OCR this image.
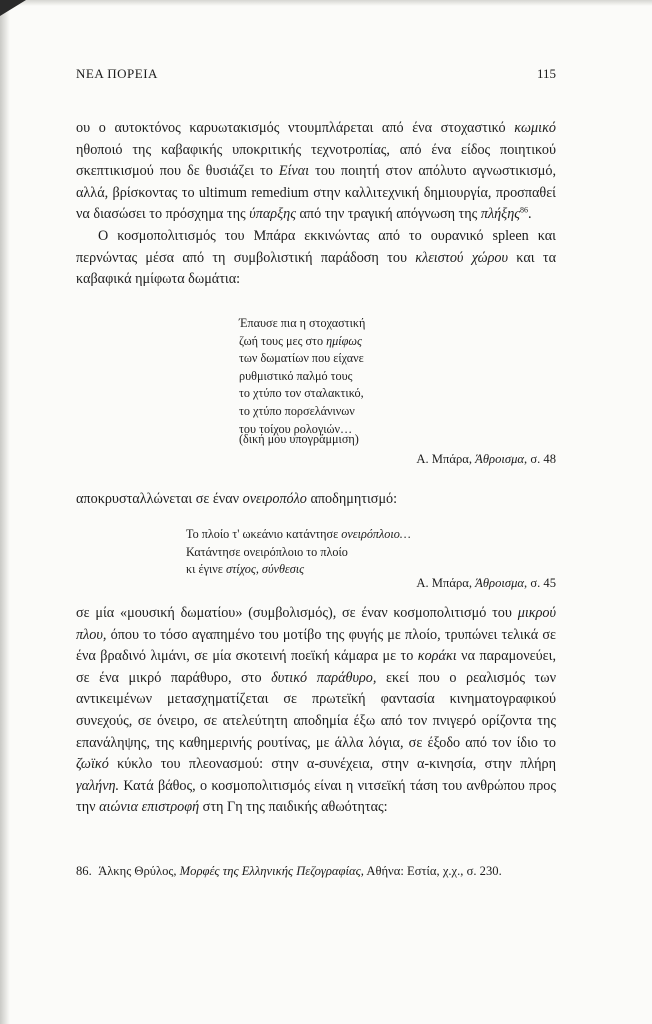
ΝΕΑ ΠΟΡΕΙΑ	115

ου ο αυτοκτόνος καρυωτακισμός ντουμπλάρεται από ένα στοχαστικό κωμικό ηθοποιό της καβαφικής υποκριτικής τεχνοτροπίας, από ένα είδος ποιητικού σκεπτικισμού που δε θυσιάζει το Είναι του ποιητή στον απόλυτο αγνωστικισμό, αλλά, βρίσκοντας το ultimum remedium στην καλλιτεχνική δημιουργία, προσπαθεί να διασώσει το πρόσχημα της ύπαρξης από την τραγική απόγνωση της πλήξης$^{86}$.

Ο κοσμοπολιτισμός του Μπάρα εκκινώντας από το ουρανικό spleen και περνώντας μέσα από τη συμβολιστική παράδοση του κλειστού χώρου και τα καβαφικά ημίφωτα δωμάτια:

Έπαυσε πια η στοχαστική
ζωή τους μες στο ημίφως
των δωματίων που είχανε
ρυθμιστικό παλμό τους
το χτύπο τον σταλακτικό,
το χτύπο πορσελάνινων
του τοίχου ρολογιών…
(δική μου υπογράμμιση)
Α. Μπάρα, Άθροισμα, σ. 48

αποκρυσταλλώνεται σε έναν ονειροπόλο αποδημητισμό:

Το πλοίο τ' ωκεάνιο κατάντησε ονειρόπλοιο…
Κατάντησε ονειρόπλοιο το πλοίο
κι έγινε στίχος, σύνθεσις
Α. Μπάρα, Άθροισμα, σ. 45

σε μία «μουσική δωματίου» (συμβολισμός), σε έναν κοσμοπολιτισμό του μικρού πλου, όπου το τόσο αγαπημένο του μοτίβο της φυγής με πλοίο, τρυπώνει τελικά σε ένα βραδινό λιμάνι, σε μία σκοτεινή ποεϊκή κάμαρα με το κοράκι να παραμονεύει, σε ένα μικρό παράθυρο, στο δυτικό παράθυρο, εκεί που ο ρεαλισμός των αντικειμένων μετασχηματίζεται σε πρωτεϊκή φαντασία κινηματογραφικού συνεχούς, σε όνειρο, σε ατελεύτητη αποδημία έξω από τον πνιγερό ορίζοντα της επανάληψης, της καθημερινής ρουτίνας, με άλλα λόγια, σε έξοδο από τον ίδιο το ζωϊκό κύκλο του πλεονασμού: στην α-συνέχεια, στην α-κινησία, στην πλήρη γαλήνη. Κατά βάθος, ο κοσμοπολιτισμός είναι η νιτσεϊκή τάση του ανθρώπου προς την αιώνια επιστροφή στη Γη της παιδικής αθωότητας:

86. Άλκης Θρύλος, Μορφές της Ελληνικής Πεζογραφίας, Αθήνα: Εστία, χ.χ., σ. 230.
